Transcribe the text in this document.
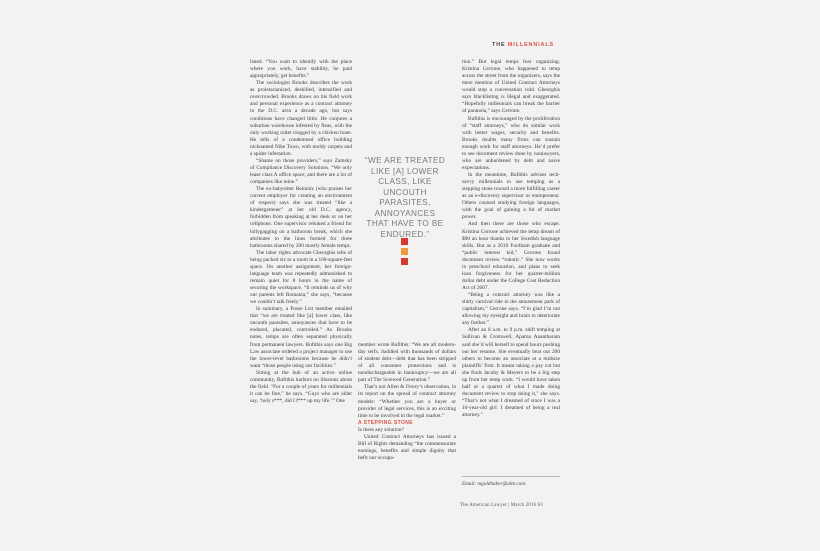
THE MILLENNIALS

listed. “You want to identify with the place where you work, have stability, be paid appropriately, get benefits.”

The sociologist Brooks describes the work as proletarianized, deskilled, intensified and overcrowded. Brooks draws on his field work and personal experience as a contract attorney in the D.C. area a decade ago, but says conditions have changed little. He conjures a suburban warehouse infested by fleas, with the only working toilet clogged by a chicken bone. He tells of a condemned office building nicknamed Nike Town, with moldy carpets and a spider infestation.

“Shame on those providers,” says Zamsky of Compliance Discovery Solutions. “We only lease class A office space, and there are a lot of companies like mine.”

The ex-babysitter Reinnitz (who praises her current employer for creating an environment of respect) says she was treated “like a kindergartener” at her old D.C. agency, forbidden from speaking at her desk or on her cellphone. One supervisor rebuked a friend for lollygagging on a bathroom break, which she attributes to the lines formed for three bathrooms shared by 200 mostly female temps.

The labor rights advocate Gheorghis tells of being packed six to a room in a 100-square-feet space. On another assignment, her foreign-language team was repeatedly admonished to remain quiet for 8 hours in the name of securing the workspace. “It reminds us of why our parents left Romania,” she says, “because we couldn’t talk freely.”

In summary, a Posse List member emailed that “we are treated like [a] lower class, like uncouth parasites, annoyances that have to be endured, placated, controlled.” As Brooks notes, temps are often separated physically from permanent lawyers. Bufithis says one Big Law associate ordered a project manager to use the lower-level bathrooms because he didn’t want “those people using our facilities.”

Sitting at the hub of an active online community, Bufithis harbors no illusions about the field. “For a couple of years for millennials it can be fine,” he says. “Guys who are older say, ‘holy s***, did I f*** up my life.’” One

“WE ARE TREATED LIKE [A] LOWER CLASS, LIKE UNCOUTH PARASITES, ANNOYANCES THAT HAVE TO BE ENDURED.”

member wrote Bufithis: “We are all modern-day serfs. Saddled with thousands of dollars of student debt—debt that has been stripped of all consumer protections and is nondischargeable in bankruptcy—we are all part of The Screwed Generation.”

That’s not Allen & Overy’s observation, in its report on the spread of contract attorney models: “Whether you are a buyer or provider of legal services, this is an exciting time to be involved in the legal market.”

A STEPPING STONE

Is there any solution?

United Contract Attorneys has issued a Bill of Rights demanding “the commensurate earnings, benefits and simple dignity that befit our occupa-

tion.” But legal temps fear organizing. Kristina Cerrone, who happened to temp across the street from the organizers, says the mere mention of United Contract Attorneys would stop a conversation cold. Gheorghis says blacklisting is illegal and exaggerated. “Hopefully millennials can break the barrier of paranoia,” says Cerrone.

Bufithis is encouraged by the proliferation of “staff attorneys,” who do similar work with better wages, security and benefits. Brooks doubts many firms can sustain enough work for staff attorneys. He’d prefer to see document review done by nonlawyers, who are unburdened by debt and naive expectations.

In the meantime, Bufithis advises tech-savvy millennials to use temping as a stepping stone toward a more fulfilling career as an e-discovery supervisor or entrepreneur. Others counsel studying foreign languages, with the goal of gaining a bit of market power.

And then there are those who escape. Kristina Cerrone achieved the temp dream of $90 an hour thanks to her Swedish language skills. But as a 2010 Fordham graduate and “public interest kid,” Cerrone found document review “robotic.” She now works in preschool education, and plans to seek loan forgiveness for her quarter-million dollar debt under the College Cost Reduction Act of 2007.

“Being a contract attorney was like a shitty carnival ride in the amusement park of capitalism,” Cerrone says. “I’m glad I’m not allowing my eyesight and brain to deteriorate any further.”

After an 8 a.m. to 9 p.m. shift temping at Sullivan & Cromwell, Aparna Anantharam said she’d will herself to spend hours pushing out her resume. She eventually beat out 200 others to become an associate at a midsize plaintiffs’ firm. It meant taking a pay cut but she finds Jacoby & Meyers to be a big step up from her temp work. “I would have taken half or a quarter of what I made doing document review to stop doing it,” she says. “That’s not what I dreamed of since I was a 10-year-old girl. I dreamed of being a real attorney.”

Email: mgoldhaber@alm.com.
The American Lawyer | March 2016 63
